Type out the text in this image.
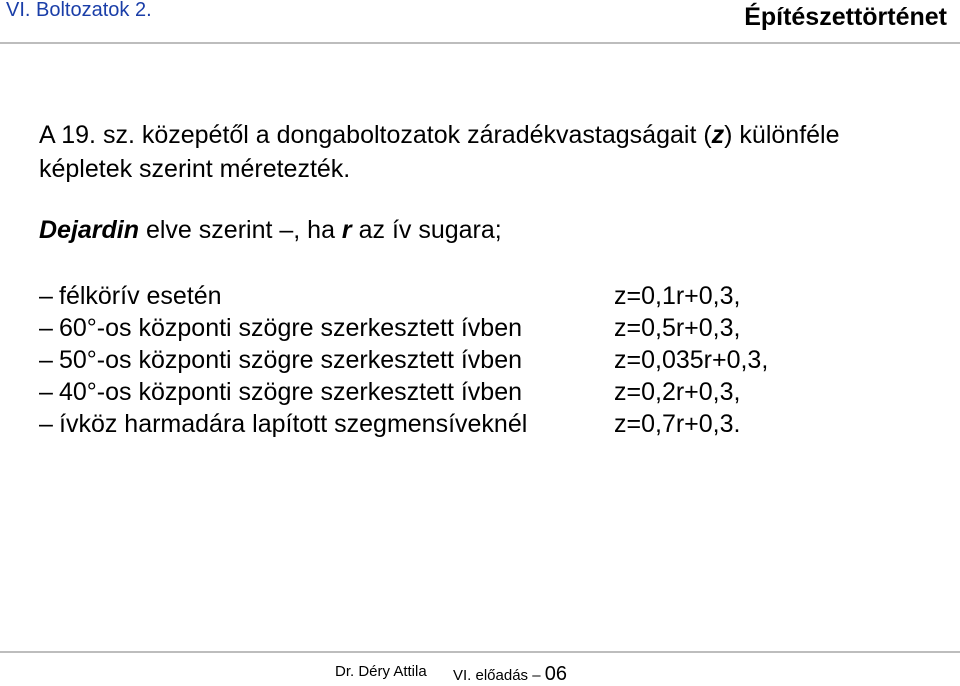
VI. Boltozatok 2.	Építészettörténet
A 19. sz. közepétől a dongaboltozatok záradékvastagságait (z) különféle képletek szerint méretezték.
Dejardin elve szerint –, ha r az ív sugara;
– félkörív esetén	z=0,1r+0,3,
– 60°-os központi szögre szerkesztett ívben	z=0,5r+0,3,
– 50°-os központi szögre szerkesztett ívben	z=0,035r+0,3,
– 40°-os központi szögre szerkesztett ívben	z=0,2r+0,3,
– ívköz harmadára lapított szegmensíveknél	z=0,7r+0,3.
Dr. Déry Attila VI. előadás – 06
